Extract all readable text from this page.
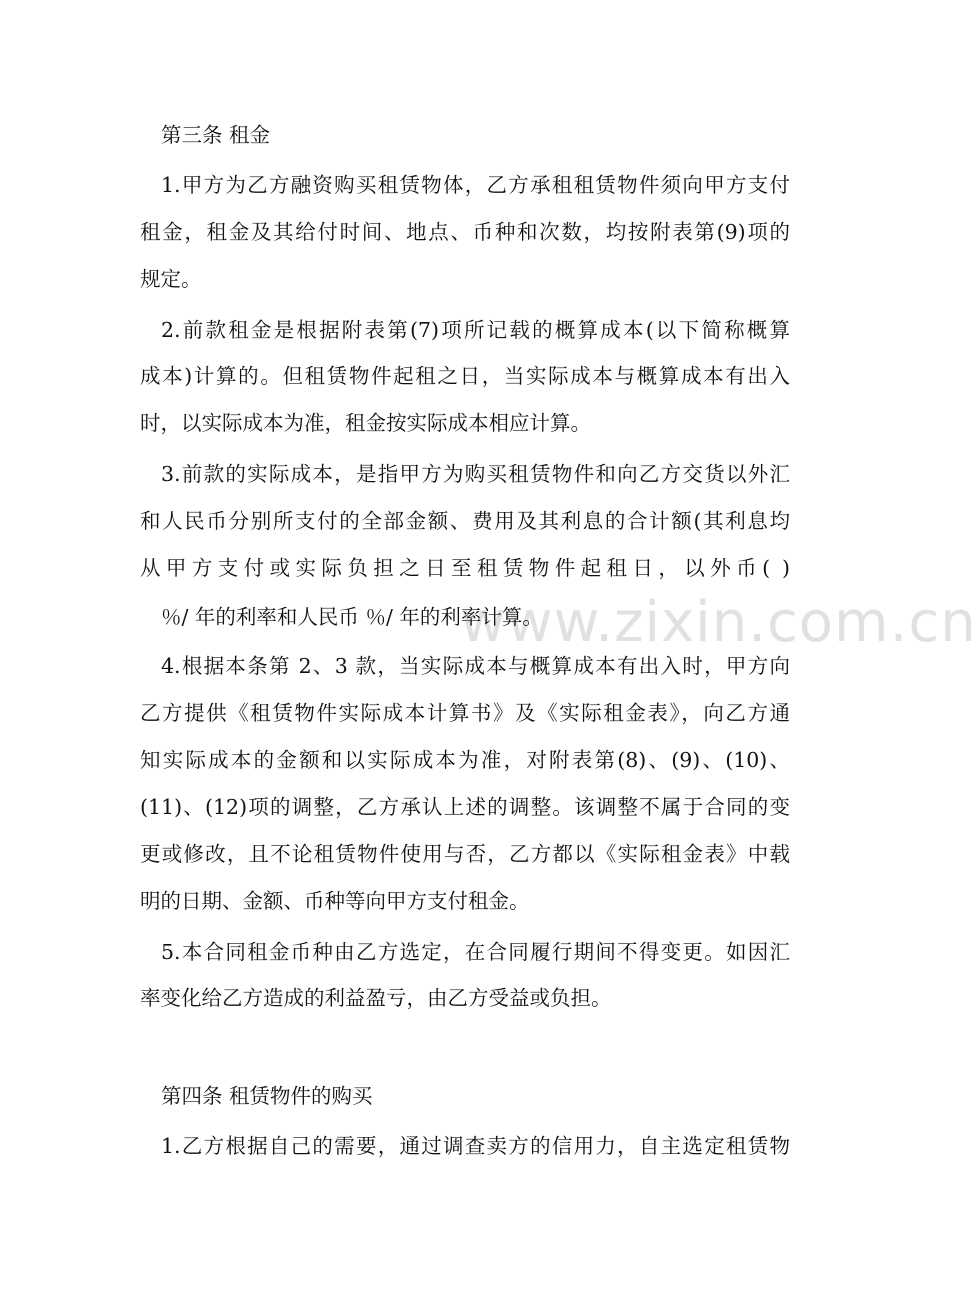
www.zixin.com.cn
第三条 租金
1.甲方为乙方融资购买租赁物体，乙方承租租赁物件须向甲方支付
租金，租金及其给付时间、地点、币种和次数，均按附表第(9)项的
规定。
2.前款租金是根据附表第(7)项所记载的概算成本(以下简称概算
成本)计算的。但租赁物件起租之日，当实际成本与概算成本有出入
时，以实际成本为准，租金按实际成本相应计算。
3.前款的实际成本，是指甲方为购买租赁物件和向乙方交货以外汇
和人民币分别所支付的全部金额、费用及其利息的合计额(其利息均
从甲方支付或实际负担之日至租赁物件起租日，以外币( )
％/ 年的利率和人民币 ％/ 年的利率计算。
4.根据本条第 2、3 款，当实际成本与概算成本有出入时，甲方向
乙方提供《租赁物件实际成本计算书》及《实际租金表》，向乙方通
知实际成本的金额和以实际成本为准，对附表第(8)、(9)、(10)、
(11)、(12)项的调整，乙方承认上述的调整。该调整不属于合同的变
更或修改，且不论租赁物件使用与否，乙方都以《实际租金表》中载
明的日期、金额、币种等向甲方支付租金。
5.本合同租金币种由乙方选定，在合同履行期间不得变更。如因汇
率变化给乙方造成的利益盈亏，由乙方受益或负担。
第四条 租赁物件的购买
1.乙方根据自己的需要，通过调查卖方的信用力，自主选定租赁物
